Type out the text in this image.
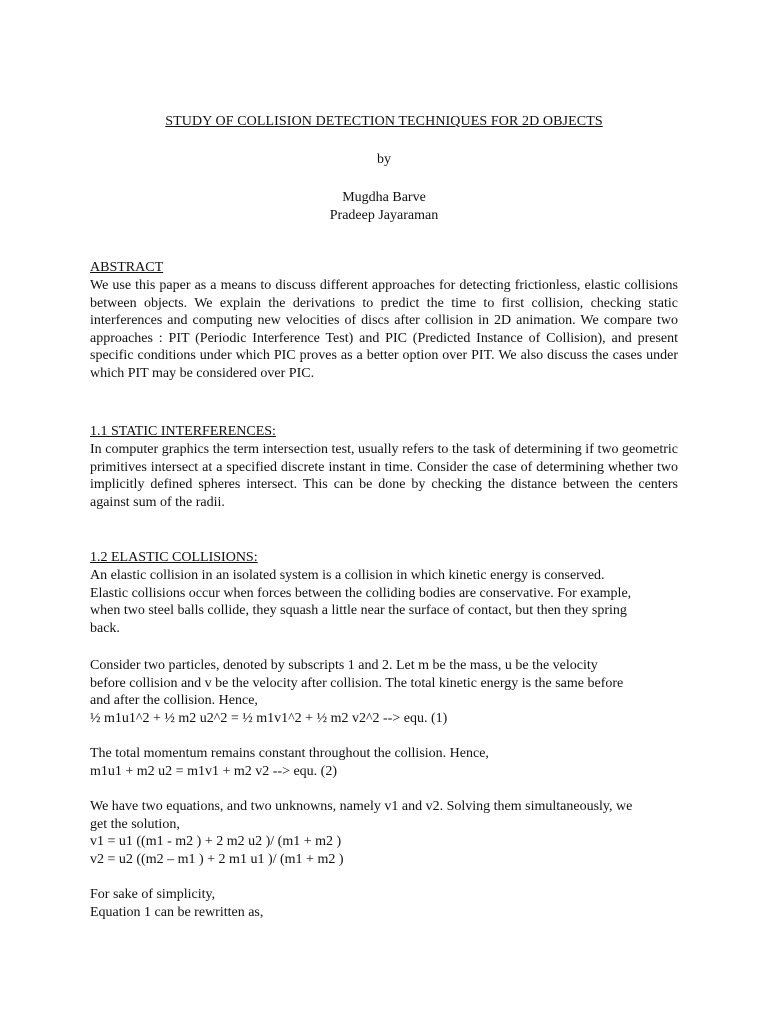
STUDY OF COLLISION DETECTION TECHNIQUES FOR 2D OBJECTS
by
Mugdha Barve
Pradeep Jayaraman
ABSTRACT

We use this paper as a means to discuss different approaches for detecting frictionless, elastic collisions between objects. We explain the derivations to predict the time to first collision, checking static interferences and computing new velocities of discs after collision in 2D animation. We compare two approaches : PIT (Periodic Interference Test) and PIC (Predicted Instance of Collision), and present specific conditions under which PIC proves as a better option over PIT. We also discuss the cases under which PIT may be considered over PIC.

1.1 STATIC INTERFERENCES:

In computer graphics the term intersection test, usually refers to the task of determining if two geometric primitives intersect at a specified discrete instant in time. Consider the case of determining whether two implicitly defined spheres intersect. This can be done by checking the distance between the centers against sum of the radii.

1.2 ELASTIC COLLISIONS:
An elastic collision in an isolated system is a collision in which kinetic energy is conserved.
Elastic collisions occur when forces between the colliding bodies are conservative. For example,
when two steel balls collide, they squash a little near the surface of contact, but then they spring
back.
Consider two particles, denoted by subscripts 1 and 2. Let m be the mass, u be the velocity
before collision and v be the velocity after collision. The total kinetic energy is the same before
and after the collision. Hence,
½ m1u1^2 + ½ m2 u2^2 = ½ m1v1^2 + ½ m2 v2^2 --> equ. (1)
The total momentum remains constant throughout the collision. Hence,
m1u1 + m2 u2 = m1v1 + m2 v2 --> equ. (2)
We have two equations, and two unknowns, namely v1 and v2. Solving them simultaneously, we
get the solution,
v1 = u1 ((m1 - m2 ) + 2 m2 u2 )/ (m1 + m2 )
v2 = u2 ((m2 – m1 ) + 2 m1 u1 )/ (m1 + m2 )
For sake of simplicity,
Equation 1 can be rewritten as,
